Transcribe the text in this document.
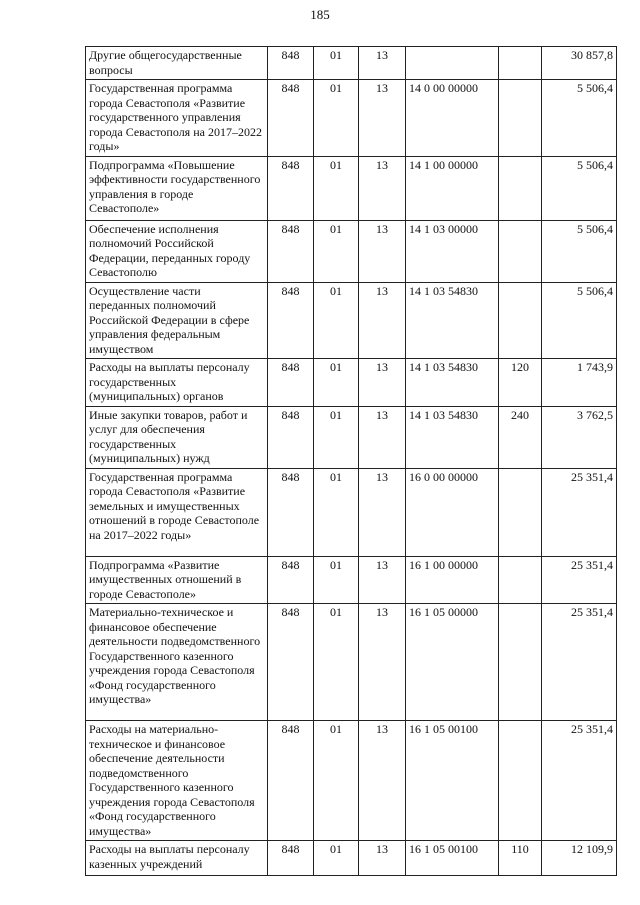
185
Другие общегосударственные вопросы	848	01	13			30 857,8
Государственная программа города Севастополя «Развитие государственного управления города Севастополя на 2017–2022 годы»	848	01	13	14 0 00 00000		5 506,4
Подпрограмма «Повышение эффективности государственного управления в городе Севастополе»	848	01	13	14 1 00 00000		5 506,4
Обеспечение исполнения полномочий Российской Федерации, переданных городу Севастополю	848	01	13	14 1 03 00000		5 506,4
Осуществление части переданных полномочий Российской Федерации в сфере управления федеральным имуществом	848	01	13	14 1 03 54830		5 506,4
Расходы на выплаты персоналу государственных (муниципальных) органов	848	01	13	14 1 03 54830	120	1 743,9
Иные закупки товаров, работ и услуг для обеспечения государственных (муниципальных) нужд	848	01	13	14 1 03 54830	240	3 762,5
Государственная программа города Севастополя «Развитие земельных и имущественных отношений в городе Севастополе на 2017–2022 годы»	848	01	13	16 0 00 00000		25 351,4
Подпрограмма «Развитие имущественных отношений в городе Севастополе»	848	01	13	16 1 00 00000		25 351,4
Материально-техническое и финансовое обеспечение деятельности подведомственного Государственного казенного учреждения города Севастополя «Фонд государственного имущества»	848	01	13	16 1 05 00000		25 351,4
Расходы на материально-техническое и финансовое обеспечение деятельности подведомственного Государственного казенного учреждения города Севастополя «Фонд государственного имущества»	848	01	13	16 1 05 00100		25 351,4
Расходы на выплаты персоналу казенных учреждений	848	01	13	16 1 05 00100	110	12 109,9
